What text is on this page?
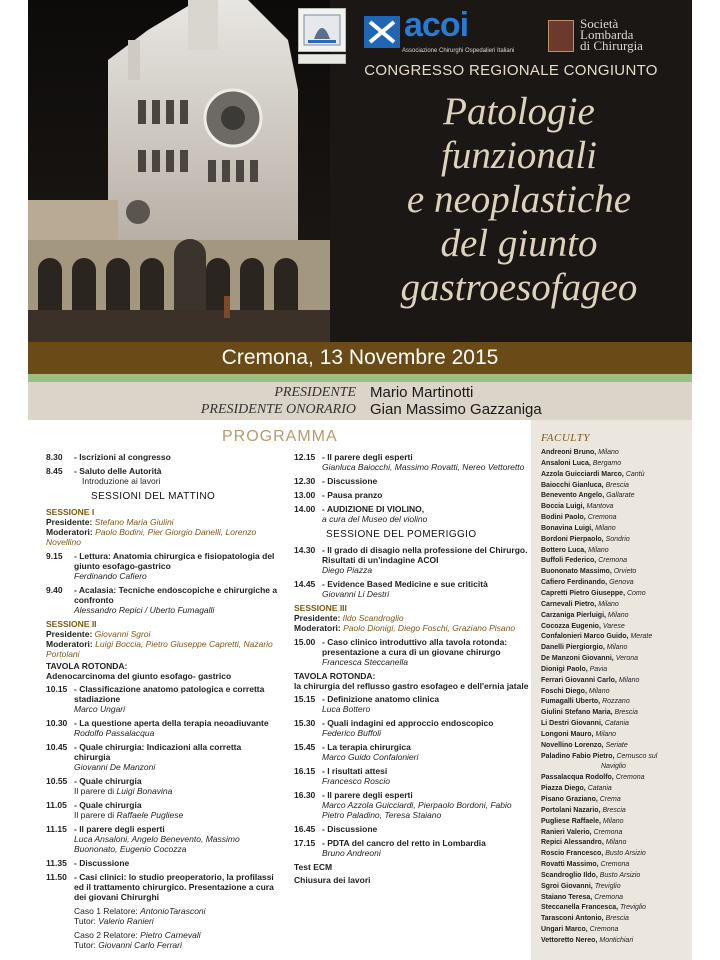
acoi
Associazione Chirurghi Ospedalieri Italiani
Società
Lombarda
di Chirurgia
CONGRESSO REGIONALE CONGIUNTO
Patologie
funzionali
e neoplastiche
del giunto
gastroesofageo
Cremona, 13 Novembre 2015
PRESIDENTE Mario Martinotti
PRESIDENTE ONORARIO Gian Massimo Gazzaniga
PROGRAMMA
8.30	- Iscrizioni al congresso
8.45	- Saluto delle Autorità
Introduzione ai lavori
SESSIONI DEL MATTINO
SESSIONE I
Presidente: Stefano Maria Giulini
Moderatori: Paolo Bodini, Pier Giorgio Danelli, Lorenzo Novellino
9.15	- Lettura: Anatomia chirurgica e fisiopatologia del giunto esofago-gastrico
Ferdinando Cafiero
9.40	- Acalasia: Tecniche endoscopiche e chirurgiche a confronto
Alessandro Repici / Uberto Fumagalli
SESSIONE II
Presidente: Giovanni Sgroi
Moderatori: Luigi Boccia, Pietro Giuseppe Capretti, Nazario Portolani
TAVOLA ROTONDA:
Adenocarcinoma del giunto esofago- gastrico
10.15 - Classificazione anatomo patologica e corretta stadiazione
Marco Ungari
10.30 - La questione aperta della terapia neoadiuvante
Rodolfo Passalacqua
10.45 - Quale chirurgia: Indicazioni alla corretta chirurgia
Giovanni De Manzoni
10.55 - Quale chirurgia
Il parere di Luigi Bonavina
11.05 - Quale chirurgia
Il parere di Raffaele Pugliese
11.15 - Il parere degli esperti
Luca Ansaloni, Angelo Benevento, Massimo Buononato, Eugenio Cocozza
11.35 - Discussione
11.50 - Casi clinici: lo studio preoperatorio, la profilassi ed il trattamento chirurgico. Presentazione a cura dei giovani Chirurghi
Caso 1 Relatore: AntonioTarasconi
Tutor: Valerio Ranieri
Caso 2 Relatore: Pietro Carnevali
Tutor: Giovanni Carlo Ferrari
12.15 - Il parere degli esperti
Gianluca Baiocchi, Massimo Rovatti, Nereo Vettoretto
12.30 - Discussione
13.00 - Pausa pranzo
14.00 - AUDIZIONE DI VIOLINO,
a cura del Museo del violino
SESSIONE DEL POMERIGGIO
14.30 - Il grado di disagio nella professione del Chirurgo. Risultati di un'indagine ACOI
Diego Piazza
14.45 - Evidence Based Medicine e sue criticità
Giovanni Li Destri
SESSIONE III
Presidente: Ildo Scandroglio
Moderatori: Paolo Dionigi, Diego Foschi, Graziano Pisano
15.00 - Caso clinico introduttivo alla tavola rotonda: presentazione a cura di un giovane chirurgo
Francesca Steccanella
TAVOLA ROTONDA:
la chirurgia del reflusso gastro esofageo e dell'ernia jatale
15.15 - Definizione anatomo clinica
Luca Bottero
15.30 - Quali indagini ed approccio endoscopico
Federico Buffoli
15.45 - La terapia chirurgica
Marco Guido Confalonieri
16.15 - I risultati attesi
Francesco Roscio
16.30 - Il parere degli esperti
Marco Azzola Guicciardi, Pierpaolo Bordoni, Fabio Pietro Paladino, Teresa Staiano
16.45 - Discussione
17.15 - PDTA del cancro del retto in Lombardia
Bruno Andreoni
Test ECM
Chiusura dei lavori
FACULTY
Andreoni Bruno, Milano
Ansaloni Luca, Bergamo
Azzola Guicciardi Marco, Cantù
Baiocchi Gianluca, Brescia
Benevento Angelo, Gallarate
Boccia Luigi, Mantova
Bodini Paolo, Cremona
Bonavina Luigi, Milano
Bordoni Pierpaolo, Sondrio
Bottero Luca, Milano
Buffoli Federico, Cremona
Buononato Massimo, Orvieto
Cafiero Ferdinando, Genova
Capretti Pietro Giuseppe, Como
Carnevali Pietro, Milano
Carzaniga Pierluigi, Milano
Cocozza Eugenio, Varese
Confalonieri Marco Guido, Merate
Danelli Piergiorgio, Milano
De Manzoni Giovanni, Verona
Dionigi Paolo, Pavia
Ferrari Giovanni Carlo, Milano
Foschi Diego, Milano
Fumagalli Uberto, Rozzano
Giulini Stefano Maria, Brescia
Li Destri Giovanni, Catania
Longoni Mauro, Milano
Novellino Lorenzo, Seriate
Paladino Fabio Pietro, Cernusco sul
Naviglio
Passalacqua Rodolfo, Cremona
Piazza Diego, Catania
Pisano Graziano, Crema
Portolani Nazario, Brescia
Pugliese Raffaele, Milano
Ranieri Valerio, Cremona
Repici Alessandro, Milano
Roscio Francesco, Busto Arsizio
Rovatti Massimo, Cremona
Scandroglio Ildo, Busto Arsizio
Sgroi Giovanni, Treviglio
Staiano Teresa, Cremona
Steccanella Francesca, Treviglio
Tarasconi Antonio, Brescia
Ungari Marco, Cremona
Vettoretto Nereo, Montichiari
